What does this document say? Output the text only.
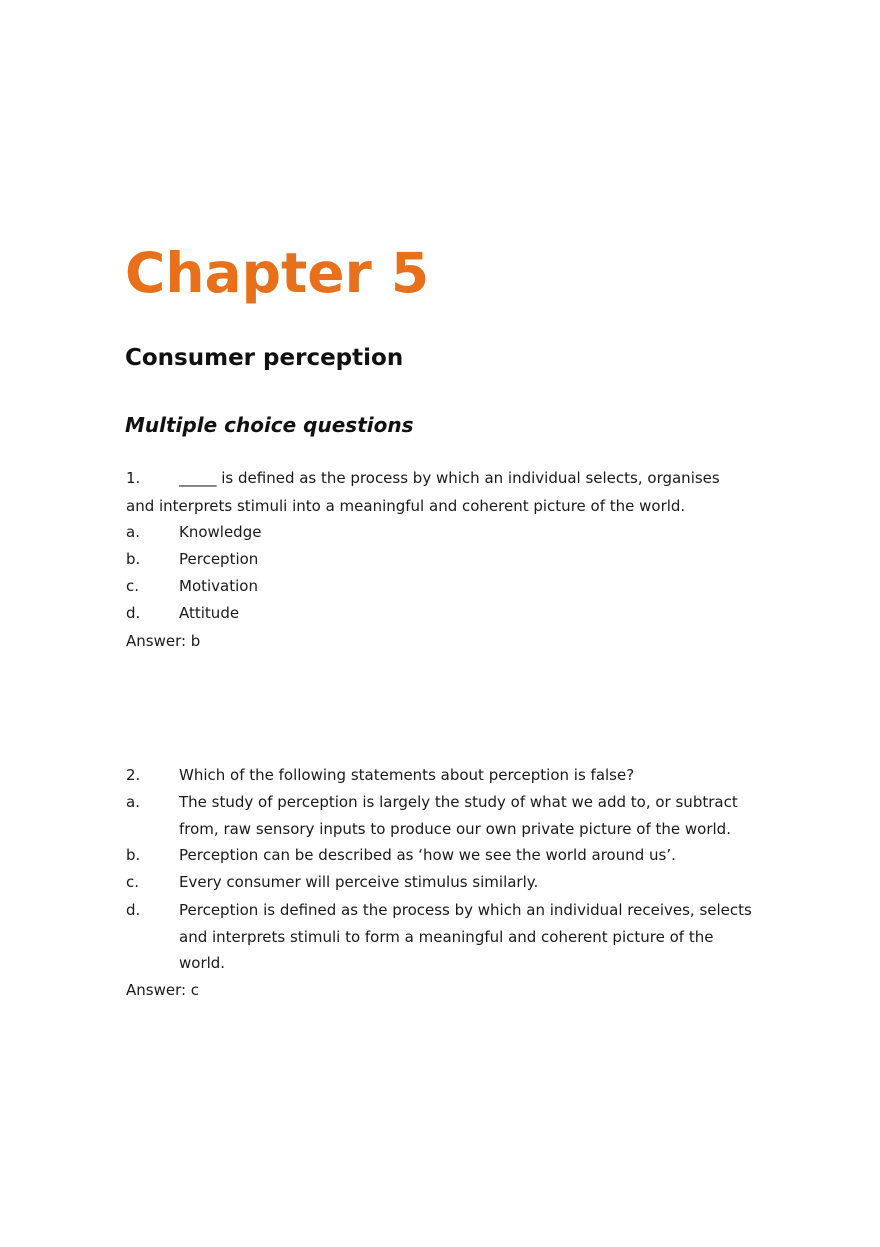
Chapter 5
Consumer perception
Multiple choice questions
1.	_____ is defined as the process by which an individual selects, organises
and interprets stimuli into a meaningful and coherent picture of the world.
a.	Knowledge
b.	Perception
c.	Motivation
d.	Attitude
Answer: b
2.	Which of the following statements about perception is false?
a.	The study of perception is largely the study of what we add to, or subtract
from, raw sensory inputs to produce our own private picture of the world.
b.	Perception can be described as ‘how we see the world around us’.
c.	Every consumer will perceive stimulus similarly.
d.	Perception is defined as the process by which an individual receives, selects
and interprets stimuli to form a meaningful and coherent picture of the
world.
Answer: c
